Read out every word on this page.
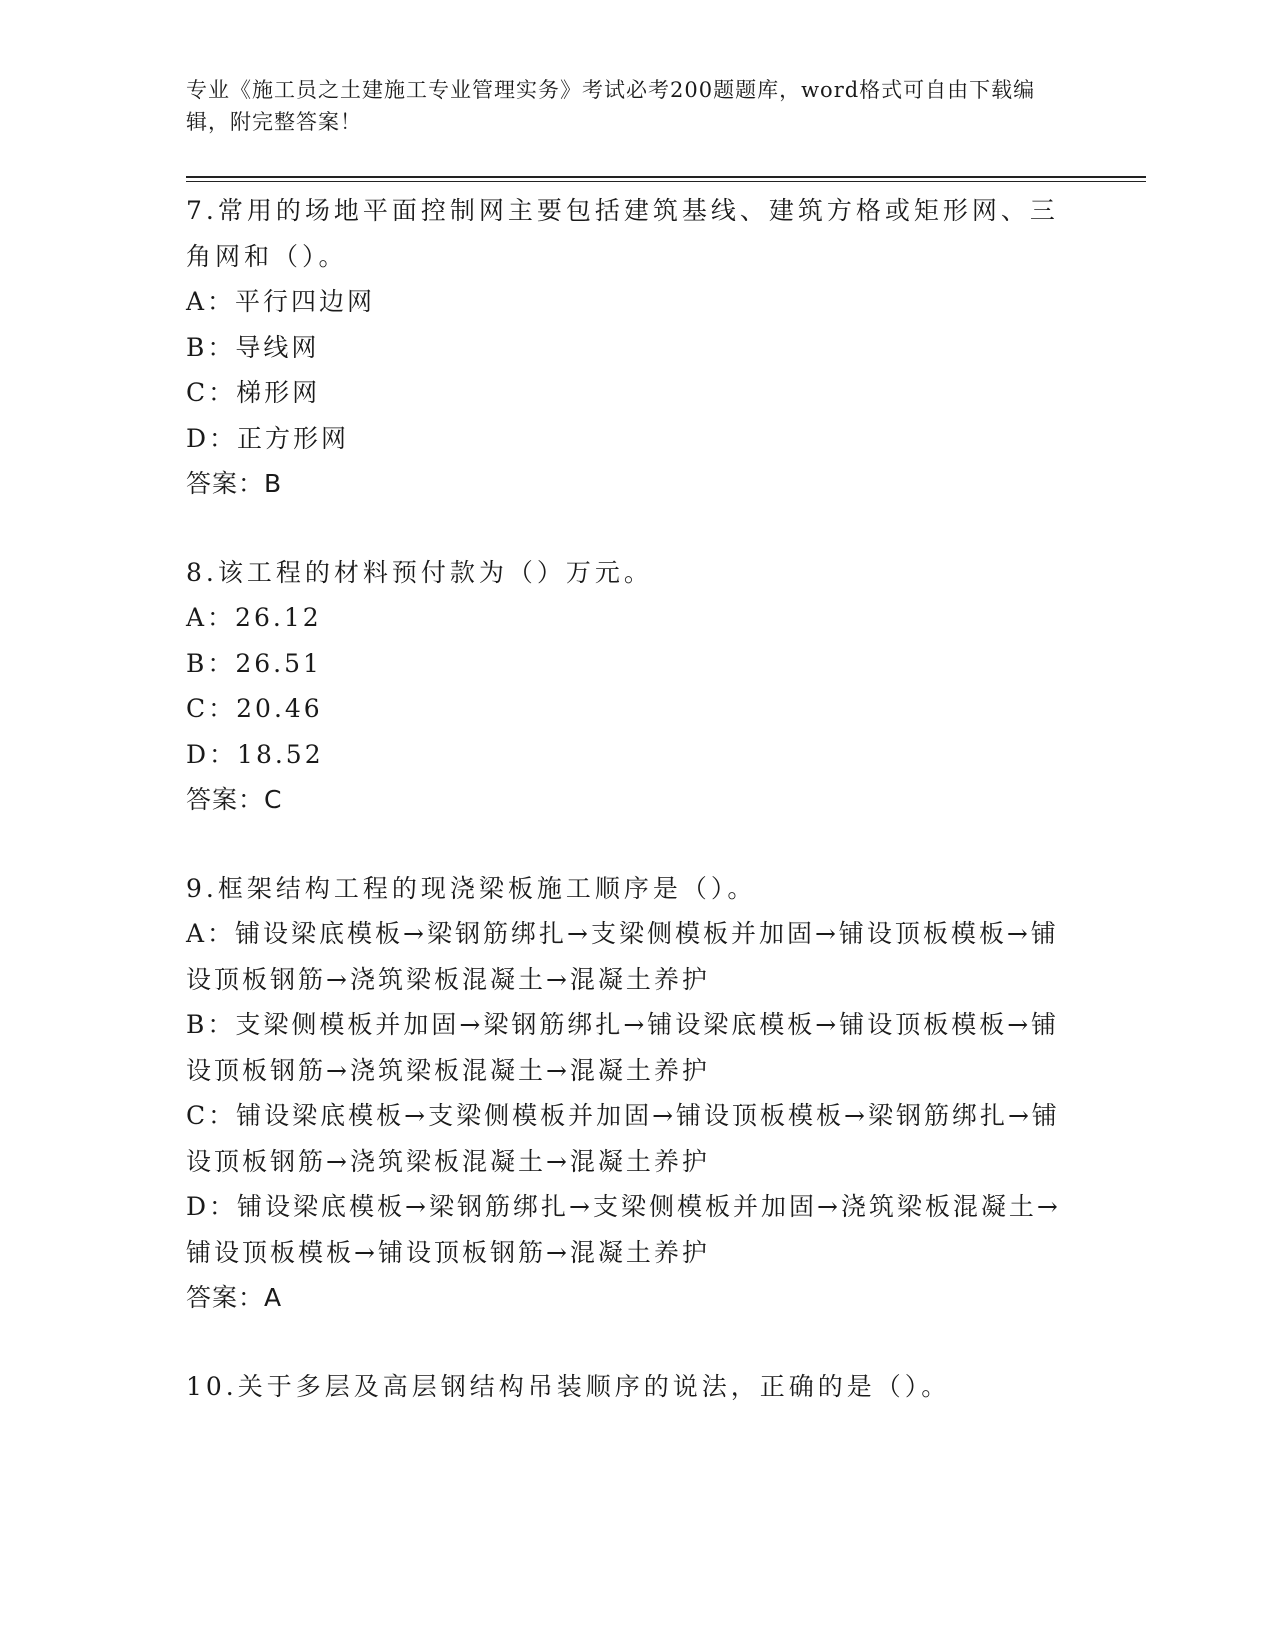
专业《施工员之土建施工专业管理实务》考试必考200题题库，word格式可自由下载编辑，附完整答案！
7.常用的场地平面控制网主要包括建筑基线、建筑方格或矩形网、三角网和（）。
A：平行四边网
B：导线网
C：梯形网
D：正方形网
答案：B
8.该工程的材料预付款为（）万元。
A：26.12
B：26.51
C：20.46
D：18.52
答案：C
9.框架结构工程的现浇梁板施工顺序是（）。
A：铺设梁底模板→梁钢筋绑扎→支梁侧模板并加固→铺设顶板模板→铺设顶板钢筋→浇筑梁板混凝土→混凝土养护
B：支梁侧模板并加固→梁钢筋绑扎→铺设梁底模板→铺设顶板模板→铺设顶板钢筋→浇筑梁板混凝土→混凝土养护
C：铺设梁底模板→支梁侧模板并加固→铺设顶板模板→梁钢筋绑扎→铺设顶板钢筋→浇筑梁板混凝土→混凝土养护
D：铺设梁底模板→梁钢筋绑扎→支梁侧模板并加固→浇筑梁板混凝土→铺设顶板模板→铺设顶板钢筋→混凝土养护
答案：A
10.关于多层及高层钢结构吊装顺序的说法，正确的是（）。
